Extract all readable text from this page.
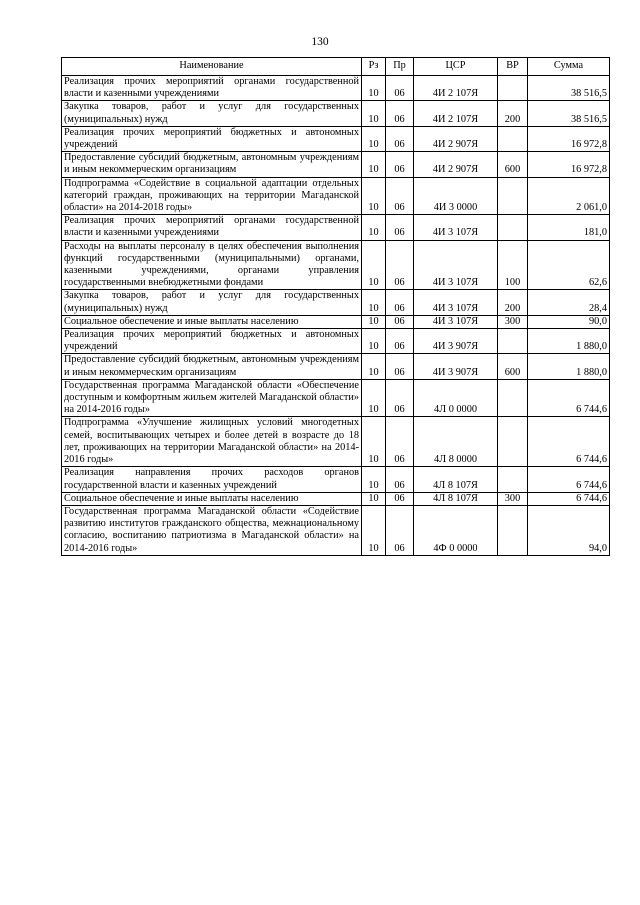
130
Наименование	Рз	Пр	ЦСР	ВР	Сумма
Реализация прочих мероприятий органами государственной власти и казенными учреждениями	10	06	4И 2 107Я		38 516,5
Закупка товаров, работ и услуг для государственных (муниципальных) нужд	10	06	4И 2 107Я	200	38 516,5
Реализация прочих мероприятий бюджетных и автономных учреждений	10	06	4И 2 907Я		16 972,8
Предоставление субсидий бюджетным, автономным учреждениям и иным некоммерческим организациям	10	06	4И 2 907Я	600	16 972,8
Подпрограмма «Содействие в социальной адаптации отдельных категорий граждан, проживающих на территории Магаданской области» на 2014-2018 годы»	10	06	4И 3 0000		2 061,0
Реализация прочих мероприятий органами государственной власти и казенными учреждениями	10	06	4И 3 107Я		181,0
Расходы на выплаты персоналу в целях обеспечения выполнения функций государственными (муниципальными) органами, казенными учреждениями, органами управления государственными внебюджетными фондами	10	06	4И 3 107Я	100	62,6
Закупка товаров, работ и услуг для государственных (муниципальных) нужд	10	06	4И 3 107Я	200	28,4
Социальное обеспечение и иные выплаты населению	10	06	4И 3 107Я	300	90,0
Реализация прочих мероприятий бюджетных и автономных учреждений	10	06	4И 3 907Я		1 880,0
Предоставление субсидий бюджетным, автономным учреждениям и иным некоммерческим организациям	10	06	4И 3 907Я	600	1 880,0
Государственная программа Магаданской области «Обеспечение доступным и комфортным жильем жителей Магаданской области» на 2014-2016 годы»	10	06	4Л 0 0000		6 744,6
Подпрограмма «Улучшение жилищных условий многодетных семей, воспитывающих четырех и более детей в возрасте до 18 лет, проживающих на территории Магаданской области» на 2014-2016 годы»	10	06	4Л 8 0000		6 744,6
Реализация направления прочих расходов органов государственной власти и казенных учреждений	10	06	4Л 8 107Я		6 744,6
Социальное обеспечение и иные выплаты населению	10	06	4Л 8 107Я	300	6 744,6
Государственная программа Магаданской области «Содействие развитию институтов гражданского общества, межнациональному согласию, воспитанию патриотизма в Магаданской области» на 2014-2016 годы»	10	06	4Ф 0 0000		94,0
